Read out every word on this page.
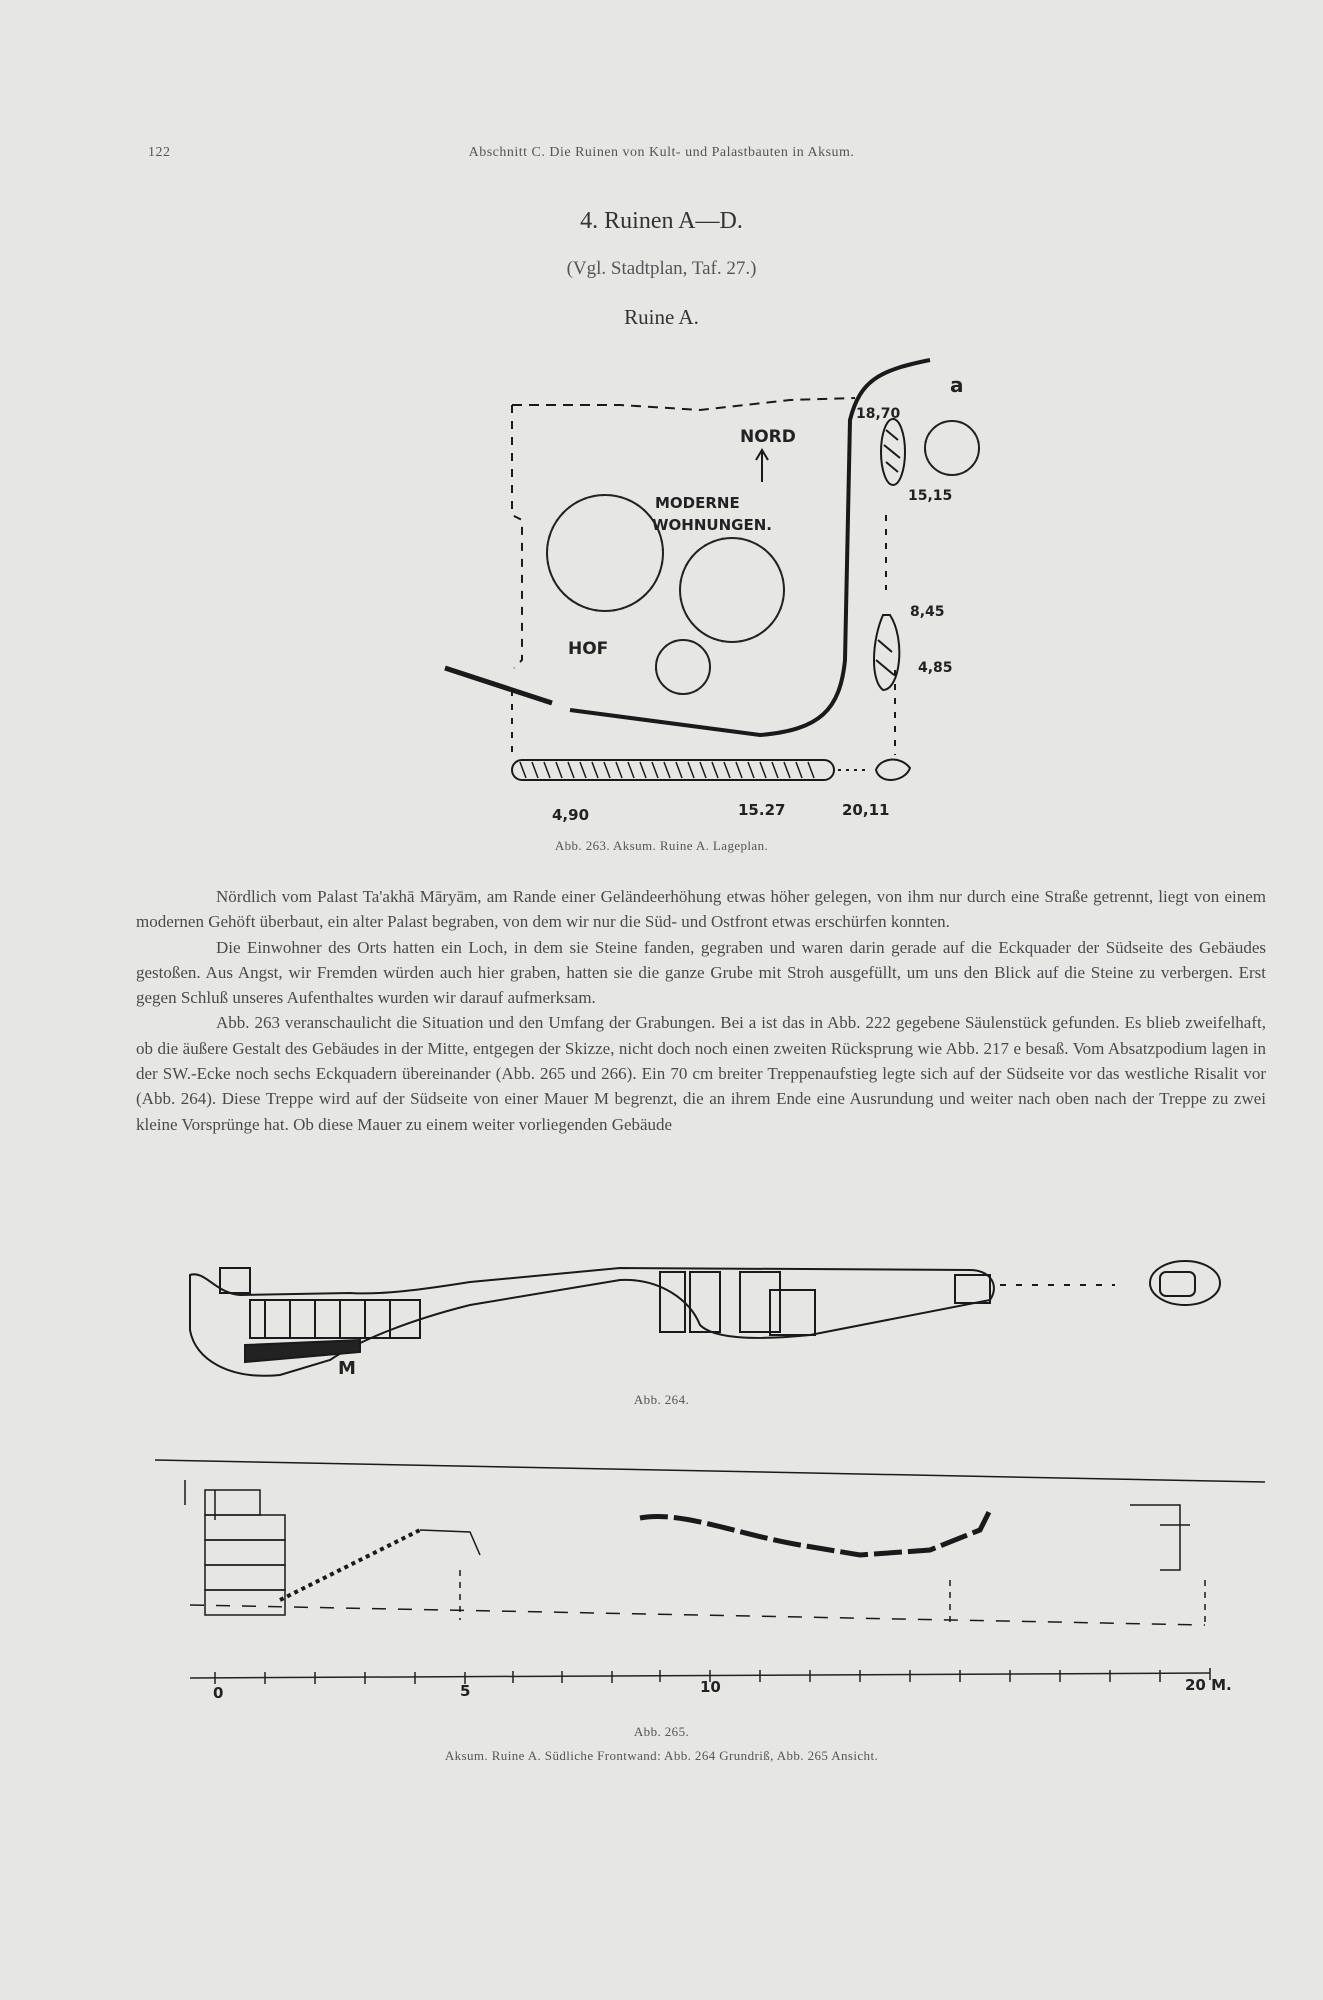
122	Abschnitt C. Die Ruinen von Kult- und Palastbauten in Aksum.
4. Ruinen A—D.
(Vgl. Stadtplan, Taf. 27.)
Ruine A.
NORD
MODERNE
WOHNUNGEN.
HOF
a
18,70
15,15
8,45
4,85
4,90	15.27	20,11
M
0	5	10	20 M.
Abb. 263. Aksum. Ruine A. Lageplan.

Nördlich vom Palast Ta'akhā Māryām, am Rande einer Geländeerhöhung etwas höher gelegen, von ihm nur durch eine Straße getrennt, liegt von einem modernen Gehöft überbaut, ein alter Palast begraben, von dem wir nur die Süd- und Ostfront etwas erschürfen konnten.

Die Einwohner des Orts hatten ein Loch, in dem sie Steine fanden, gegraben und waren darin gerade auf die Eckquader der Südseite des Gebäudes gestoßen. Aus Angst, wir Fremden würden auch hier graben, hatten sie die ganze Grube mit Stroh ausgefüllt, um uns den Blick auf die Steine zu verbergen. Erst gegen Schluß unseres Aufenthaltes wurden wir darauf aufmerksam.

Abb. 263 veranschaulicht die Situation und den Umfang der Grabungen. Bei a ist das in Abb. 222 gegebene Säulenstück gefunden. Es blieb zweifelhaft, ob die äußere Gestalt des Gebäudes in der Mitte, entgegen der Skizze, nicht doch noch einen zweiten Rücksprung wie Abb. 217 e besaß. Vom Absatzpodium lagen in der SW.-Ecke noch sechs Eckquadern übereinander (Abb. 265 und 266). Ein 70 cm breiter Treppenaufstieg legte sich auf der Südseite vor das westliche Risalit vor (Abb. 264). Diese Treppe wird auf der Südseite von einer Mauer M begrenzt, die an ihrem Ende eine Ausrundung und weiter nach oben nach der Treppe zu zwei kleine Vorsprünge hat. Ob diese Mauer zu einem weiter vorliegenden Gebäude

Abb. 264.
Abb. 265.
Aksum. Ruine A. Südliche Frontwand: Abb. 264 Grundriß, Abb. 265 Ansicht.
